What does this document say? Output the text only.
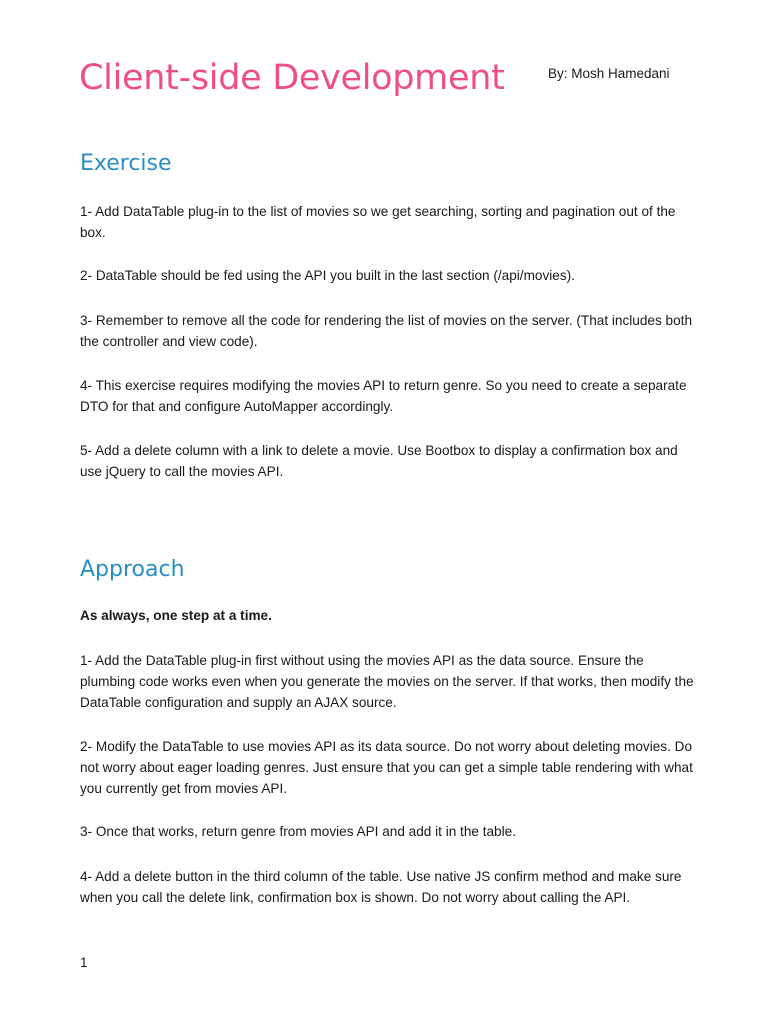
Client-side Development	By: Mosh Hamedani
Exercise

1- Add DataTable plug-in to the list of movies so we get searching, sorting and pagination out of the box.

2- DataTable should be fed using the API you built in the last section (/api/movies).

3- Remember to remove all the code for rendering the list of movies on the server. (That includes both the controller and view code).

4- This exercise requires modifying the movies API to return genre. So you need to create a separate DTO for that and configure AutoMapper accordingly.

5- Add a delete column with a link to delete a movie. Use Bootbox to display a confirmation box and use jQuery to call the movies API.

Approach

As always, one step at a time.

1- Add the DataTable plug-in first without using the movies API as the data source. Ensure the plumbing code works even when you generate the movies on the server. If that works, then modify the DataTable configuration and supply an AJAX source.

2- Modify the DataTable to use movies API as its data source. Do not worry about deleting movies. Do not worry about eager loading genres. Just ensure that you can get a simple table rendering with what you currently get from movies API.

3- Once that works, return genre from movies API and add it in the table.

4- Add a delete button in the third column of the table. Use native JS confirm method and make sure when you call the delete link, confirmation box is shown. Do not worry about calling the API.

1
